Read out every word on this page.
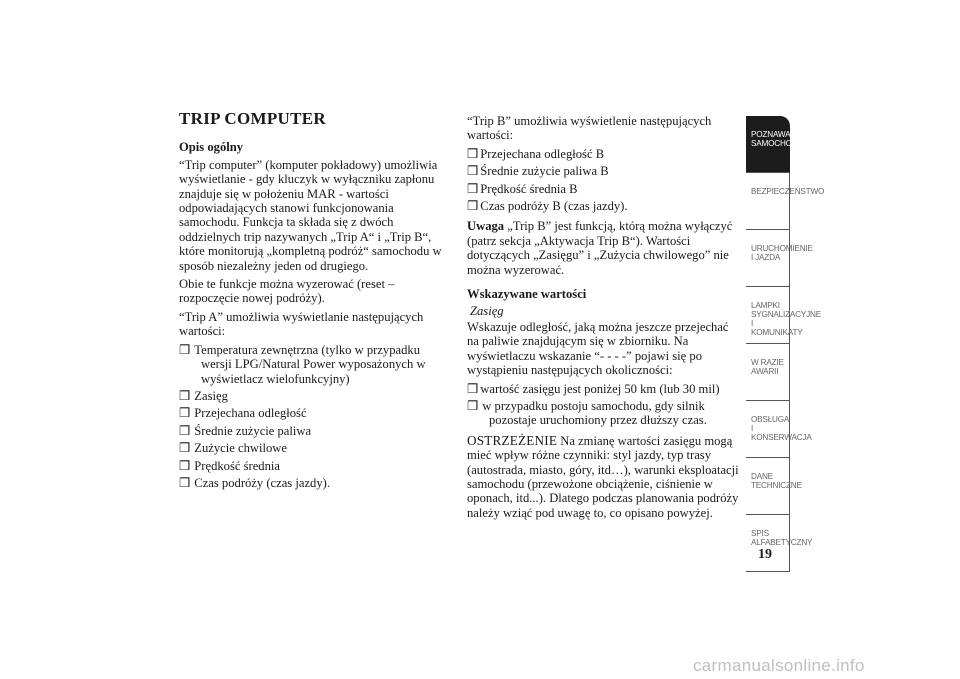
TRIP COMPUTER
Opis ogólny

“Trip computer” (komputer pokładowy) umożliwia wyświetlanie - gdy kluczyk w wyłączniku zapłonu znajduje się w położeniu MAR - wartości odpowiadających stanowi funkcjonowania samochodu. Funkcja ta składa się z dwóch oddzielnych trip nazywanych „Trip A“ i „Trip B“, które monitorują „kompletną podróż“ samochodu w sposób niezależny jeden od drugiego.

Obie te funkcje można wyzerować (reset – rozpoczęcie nowej podróży).

“Trip A” umożliwia wyświetlanie następujących wartości:

❒ Temperatura zewnętrzna (tylko w przypadku wersji LPG/Natural Power wyposażonych w wyświetlacz wielofunkcyjny)
❒ Zasięg
❒ Przejechana odległość
❒ Średnie zużycie paliwa
❒ Zużycie chwilowe
❒ Prędkość średnia
❒ Czas podróży (czas jazdy).

“Trip B” umożliwia wyświetlenie następujących wartości:

❒ Przejechana odległość B
❒ Średnie zużycie paliwa B
❒ Prędkość średnia B
❒ Czas podróży B (czas jazdy).

Uwaga „Trip B” jest funkcją, którą można wyłączyć (patrz sekcja „Aktywacja Trip B“). Wartości dotyczących „Zasięgu” i „Zużycia chwilowego” nie można wyzerować.

Wskazywane wartości

Zasięg

Wskazuje odległość, jaką można jeszcze przejechać na paliwie znajdującym się w zbiorniku. Na wyświetlaczu wskazanie “- - - -” pojawi się po wystąpieniu następujących okoliczności:

❒ wartość zasięgu jest poniżej 50 km (lub 30 mil)
❒ w przypadku postoju samochodu, gdy silnik pozostaje uruchomiony przez dłuższy czas.

OSTRZEŻENIE Na zmianę wartości zasięgu mogą mieć wpływ różne czynniki: styl jazdy, typ trasy (autostrada, miasto, góry, itd…), warunki eksploatacji samochodu (przewożone obciążenie, ciśnienie w oponach, itd...). Dlatego podczas planowania podróży należy wziąć pod uwagę to, co opisano powyżej.

POZNAWANIE SAMOCHODU
BEZPIECZEŃSTWO
URUCHOMIENIE I JAZDA
LAMPKI SYGNALIZACYJNE I KOMUNIKATY
W RAZIE AWARII
OBSŁUGA I KONSERWACJA
DANE TECHNICZNE
SPIS ALFABETYCZNY
19
carmanualsonline.info
